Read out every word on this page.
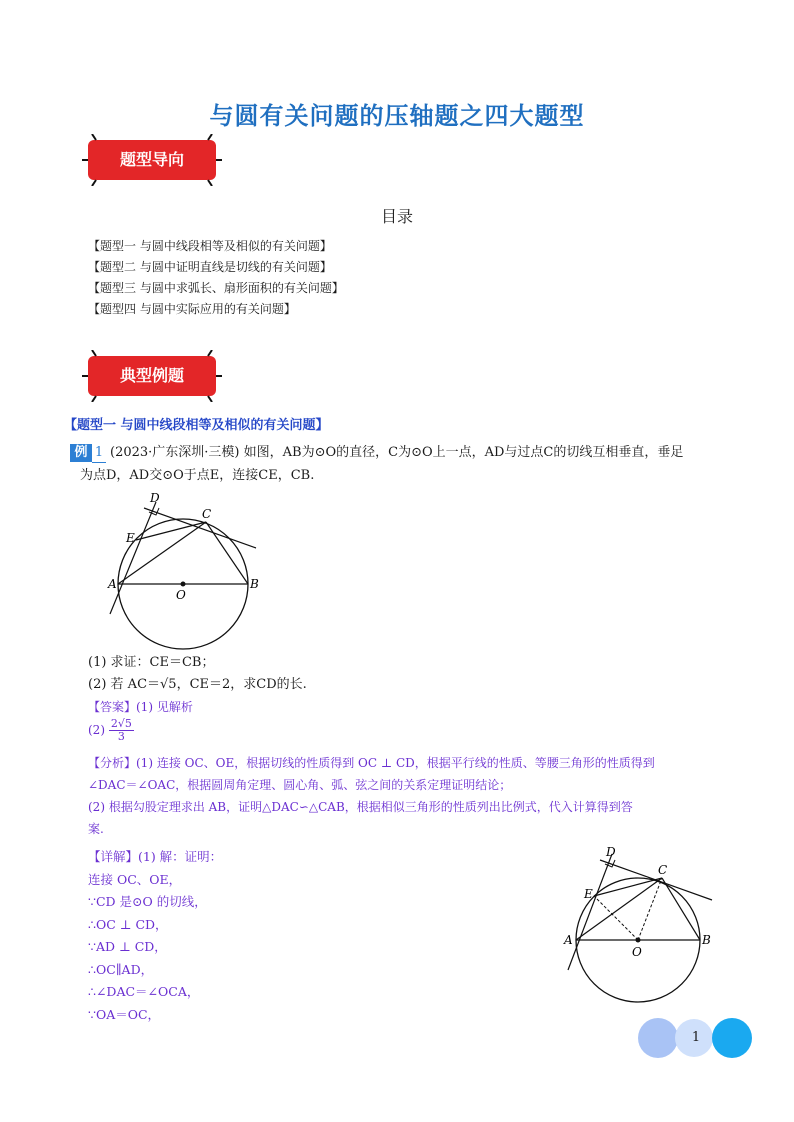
与圆有关问题的压轴题之四大题型
题型导向
目录
【题型一 与圆中线段相等及相似的有关问题】
【题型二 与圆中证明直线是切线的有关问题】
【题型三 与圆中求弧长、扇形面积的有关问题】
【题型四 与圆中实际应用的有关问题】
典型例题
【题型一 与圆中线段相等及相似的有关问题】
例 1 (2023·广东深圳·三模) 如图，AB为⊙O的直径，C为⊙O上一点，AD与过点C的切线互相垂直，垂足
为点D，AD交⊙O于点E，连接CE，CB.
D
C
E
A	B
O
(1) 求证：CE＝CB；
(2) 若 AC＝√5，CE＝2，求CD的长.
【答案】(1) 见解析
$(2) \frac{2√5}{3}$
【分析】(1) 连接 OC、OE，根据切线的性质得到 OC ⊥ CD，根据平行线的性质、等腰三角形的性质得到
∠DAC＝∠OAC，根据圆周角定理、圆心角、弧、弦之间的关系定理证明结论；
(2) 根据勾股定理求出 AB，证明△DAC∽△CAB，根据相似三角形的性质列出比例式，代入计算得到答
案.
【详解】(1) 解：证明：
连接 OC、OE，
∵CD 是⊙O 的切线，
∴OC ⊥ CD，
∵AD ⊥ CD，
∴OC∥AD，
∴∠DAC＝∠OCA，
∵OA＝OC，
D
C
E
A	B
O
1
